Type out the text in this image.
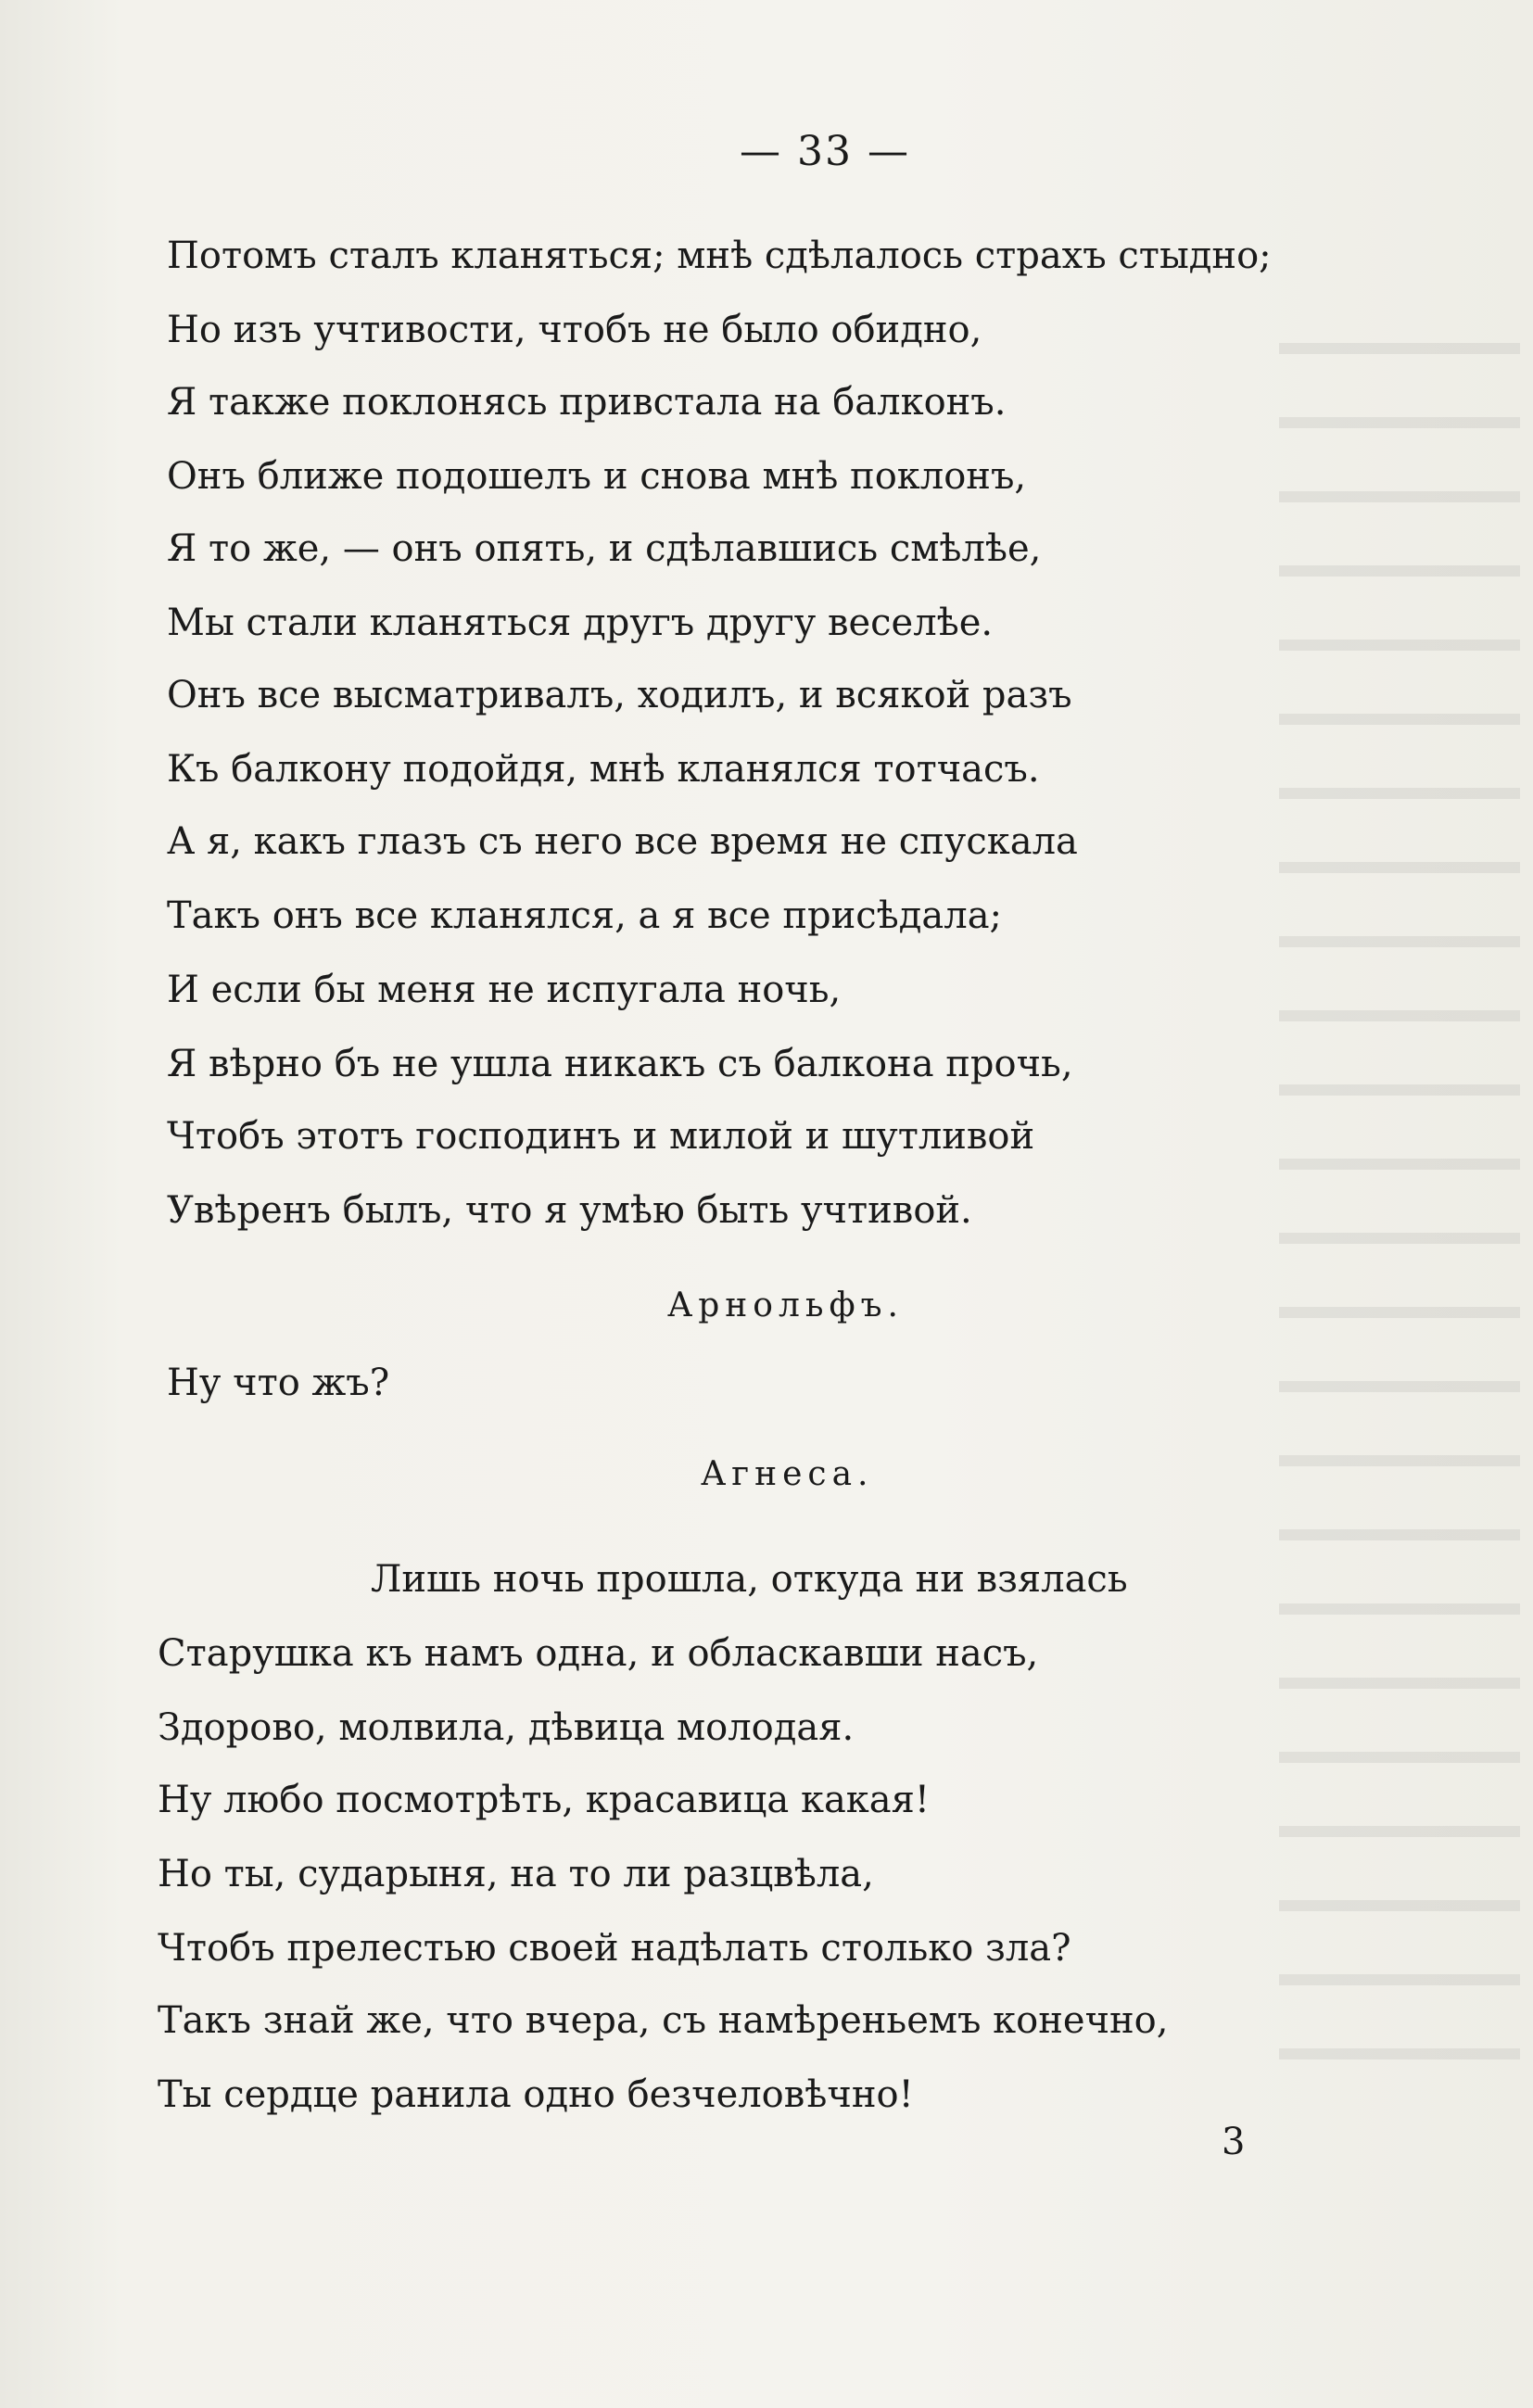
— 33 —
Потомъ сталъ кланяться; мнѣ сдѣлалось страхъ стыдно;
Но изъ учтивости, чтобъ не было обидно,
Я также поклонясь привстала на балконъ.
Онъ ближе подошелъ и снова мнѣ поклонъ,
Я то же, — онъ опять, и сдѣлавшись смѣлѣе,
Мы стали кланяться другъ другу веселѣе.
Онъ все высматривалъ, ходилъ, и всякой разъ
Къ балкону подойдя, мнѣ кланялся тотчасъ.
А я, какъ глазъ съ него все время не спускала
Такъ онъ все кланялся, а я все присѣдала;
И если бы меня не испугала ночь,
Я вѣрно бъ не ушла никакъ съ балкона прочь,
Чтобъ этотъ господинъ и милой и шутливой
Увѣренъ былъ, что я умѣю быть учтивой.
Арнольфъ.
Ну что жъ?
Агнеса.
Лишь ночь прошла, откуда ни взялась
Старушка къ намъ одна, и обласкавши насъ,
Здорово, молвила, дѣвица молодая.
Ну любо посмотрѣть, красавица какая!
Но ты, сударыня, на то ли разцвѣла,
Чтобъ прелестью своей надѣлать столько зла?
Такъ знай же, что вчера, съ намѣреньемъ конечно,
Ты сердце ранила одно безчеловѣчно!
3
